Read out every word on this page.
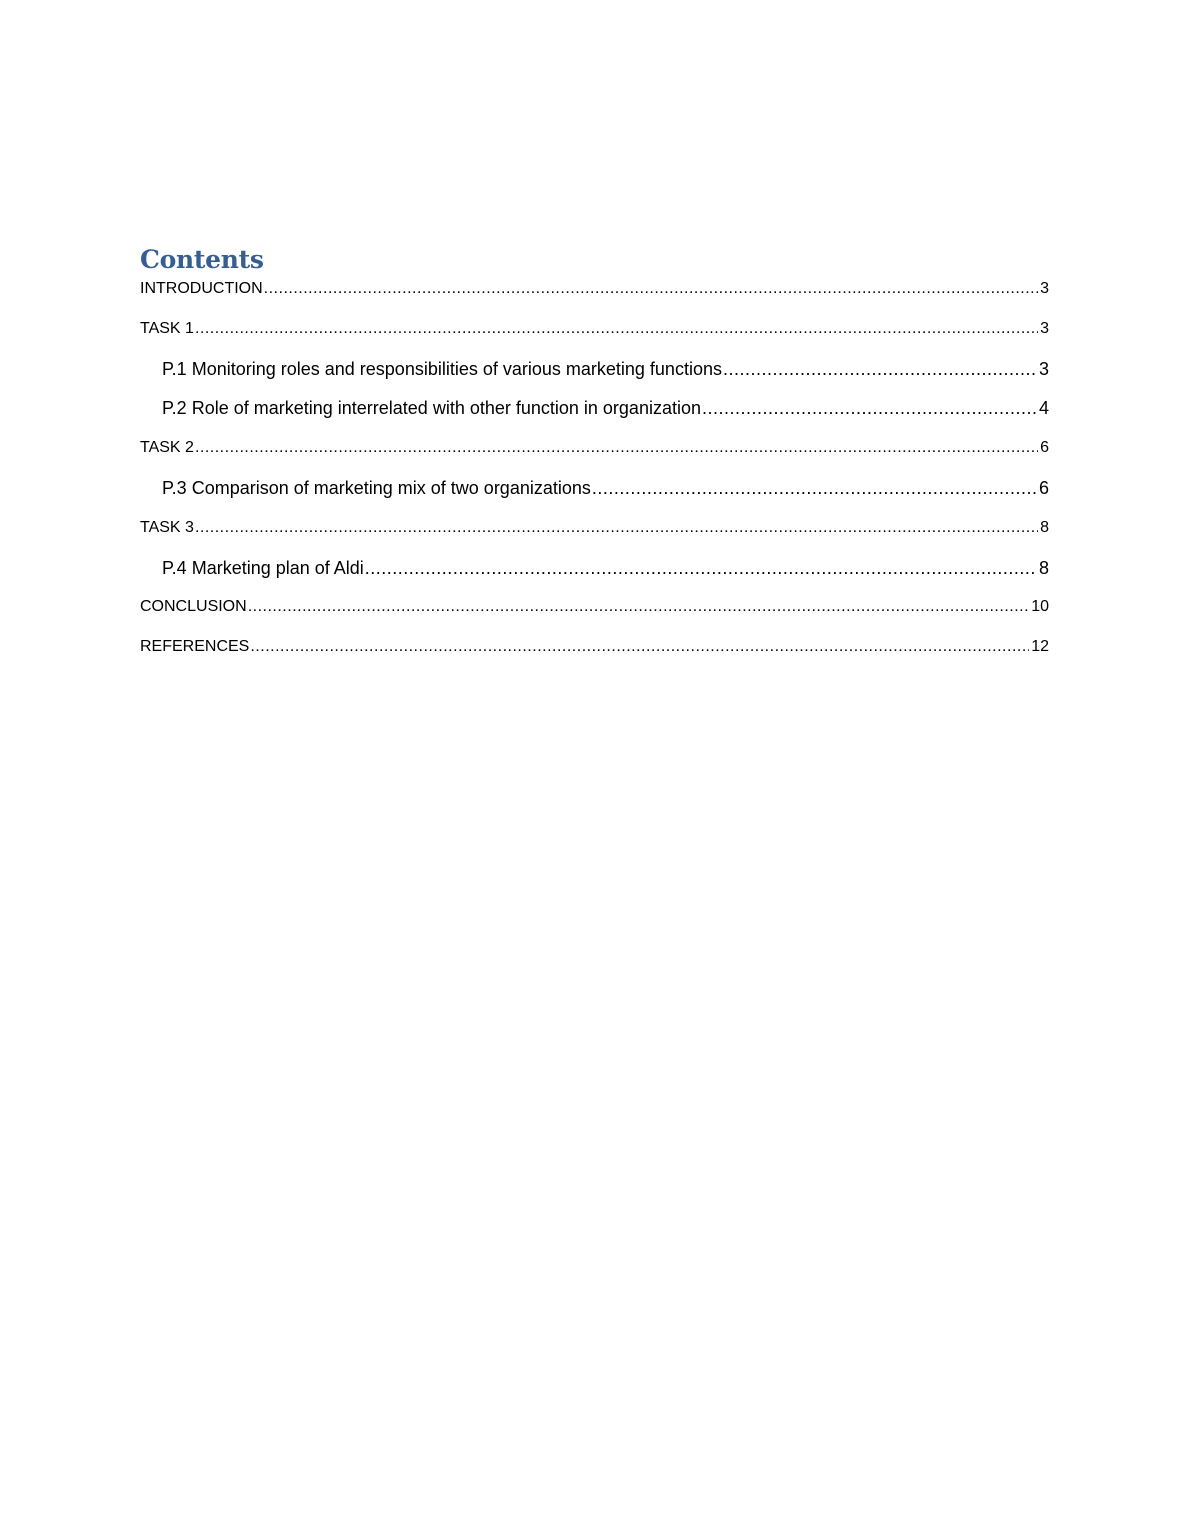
Contents
INTRODUCTION .....	3
TASK 1 .....	3
P.1 Monitoring roles and responsibilities of various marketing functions .....	3
P.2 Role of marketing interrelated with other function in organization .....	4
TASK 2 .....	6
P.3 Comparison of marketing mix of two organizations .....	6
TASK 3 .....	8
P.4 Marketing plan of Aldi .....	8
CONCLUSION .....	10
REFERENCES .....	12
